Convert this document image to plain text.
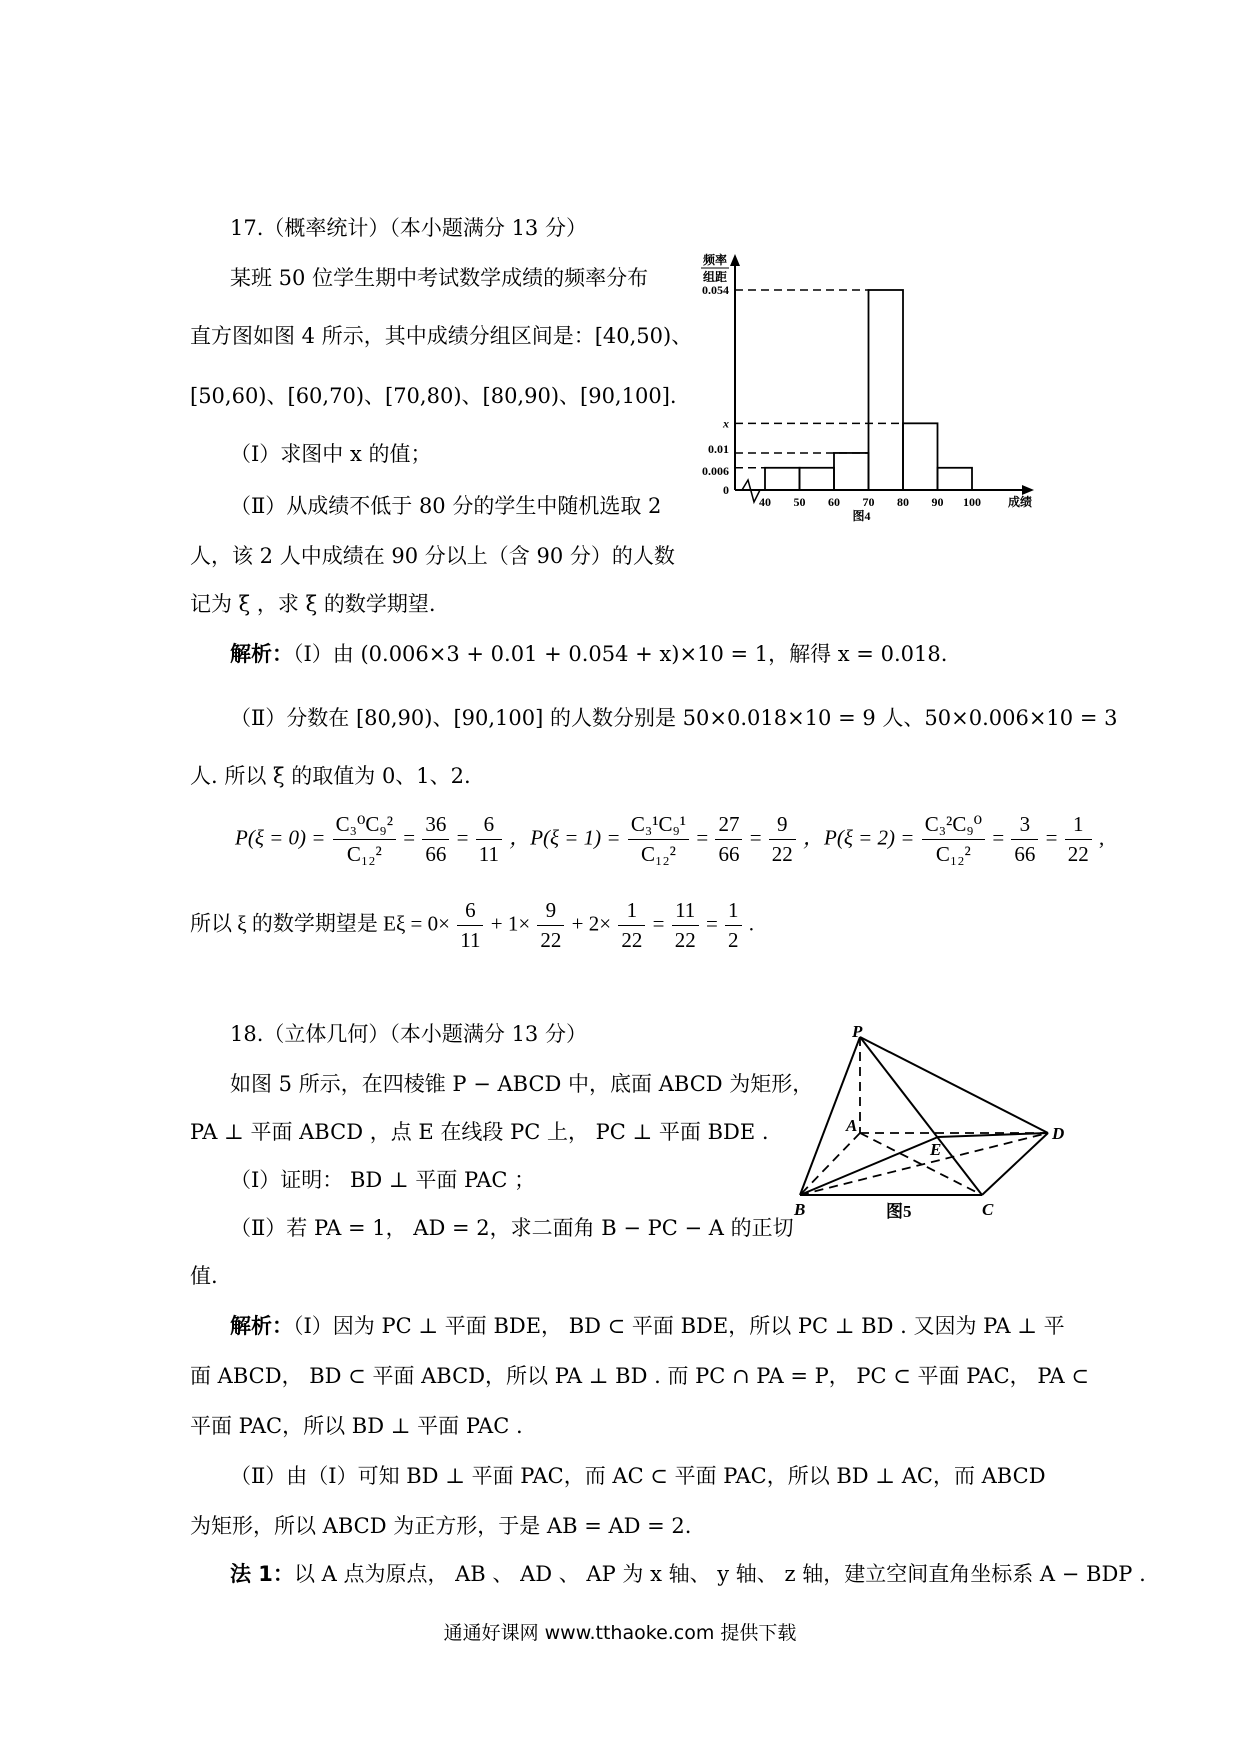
17.（概率统计）（本小题满分 13 分）
某班 50 位学生期中考试数学成绩的频率分布
直方图如图 4 所示，其中成绩分组区间是：[40,50)、
[50,60)、[60,70)、[70,80)、[80,90)、[90,100].
（Ⅰ）求图中 x 的值；
（Ⅱ）从成绩不低于 80 分的学生中随机选取 2
人，该 2 人中成绩在 90 分以上（含 90 分）的人数
记为 ξ ，求 ξ 的数学期望.
0.054
x
0.01
0.006
0
40 50 60 70 80 90 100
频率
组距
成绩
图4
解析：（Ⅰ）由 (0.006×3 + 0.01 + 0.054 + x)×10 = 1，解得 x = 0.018.
（Ⅱ）分数在 [80,90)、[90,100] 的人数分别是 50×0.018×10 = 9 人、50×0.006×10 = 3
人. 所以 ξ 的取值为 0、1、2.
$P(\xi = 0) = \frac{\text{C₃⁰C₉²}}{\text{C₁₂²}} = \frac{36}{66} = \frac{6}{11}$ ，$P(\xi = 1) = \frac{\text{C₃¹C₉¹}}{\text{C₁₂²}} = \frac{27}{66} = \frac{9}{22}$ ，$P(\xi = 2) = \frac{\text{C₃²C₉⁰}}{\text{C₁₂²}} = \frac{3}{66} = \frac{1}{22}$ ,
所以 ξ 的数学期望是 $E\xi = 0\times \frac{6}{11} + 1\times \frac{9}{22} + 2\times \frac{1}{22} = \frac{11}{22} = \frac{1}{2}$ .
18.（立体几何）（本小题满分 13 分）
如图 5 所示，在四棱锥 P − ABCD 中，底面 ABCD 为矩形，
PA ⊥ 平面 ABCD ，点 E 在线段 PC 上， PC ⊥ 平面 BDE .
（Ⅰ）证明： BD ⊥ 平面 PAC ；
（Ⅱ）若 PA = 1， AD = 2，求二面角 B − PC − A 的正切
值.
P
A
B	C
D
E
图5
解析：（Ⅰ）因为 PC ⊥ 平面 BDE， BD ⊂ 平面 BDE，所以 PC ⊥ BD . 又因为 PA ⊥ 平
面 ABCD， BD ⊂ 平面 ABCD，所以 PA ⊥ BD . 而 PC ∩ PA = P， PC ⊂ 平面 PAC， PA ⊂
平面 PAC，所以 BD ⊥ 平面 PAC .
（Ⅱ）由（Ⅰ）可知 BD ⊥ 平面 PAC，而 AC ⊂ 平面 PAC，所以 BD ⊥ AC，而 ABCD
为矩形，所以 ABCD 为正方形，于是 AB = AD = 2.
法 1：以 A 点为原点， AB 、 AD 、 AP 为 x 轴、 y 轴、 z 轴，建立空间直角坐标系 A − BDP .
通通好课网 www.tthaoke.com 提供下载
